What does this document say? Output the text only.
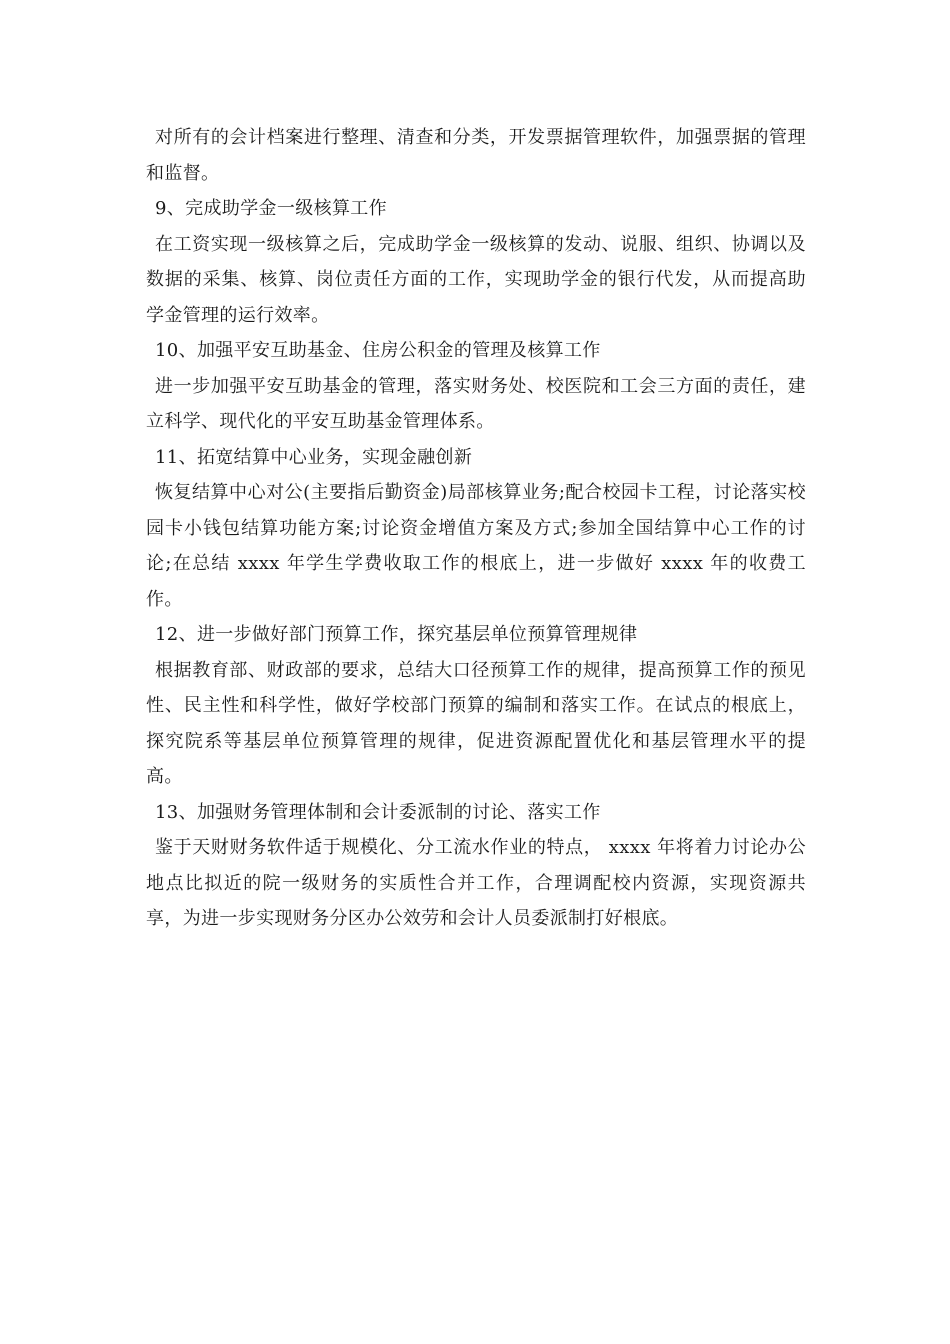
对所有的会计档案进行整理、清查和分类，开发票据管理软件，加强票据的管理和监督。

9、完成助学金一级核算工作

在工资实现一级核算之后，完成助学金一级核算的发动、说服、组织、协调以及数据的采集、核算、岗位责任方面的工作，实现助学金的银行代发，从而提高助学金管理的运行效率。

10、加强平安互助基金、住房公积金的管理及核算工作

进一步加强平安互助基金的管理，落实财务处、校医院和工会三方面的责任，建立科学、现代化的平安互助基金管理体系。

11、拓宽结算中心业务，实现金融创新

恢复结算中心对公(主要指后勤资金)局部核算业务;配合校园卡工程，讨论落实校园卡小钱包结算功能方案;讨论资金增值方案及方式;参加全国结算中心工作的讨论;在总结 xxxx 年学生学费收取工作的根底上，进一步做好 xxxx 年的收费工作。

12、进一步做好部门预算工作，探究基层单位预算管理规律

根据教育部、财政部的要求，总结大口径预算工作的规律，提高预算工作的预见性、民主性和科学性，做好学校部门预算的编制和落实工作。在试点的根底上，探究院系等基层单位预算管理的规律，促进资源配置优化和基层管理水平的提高。

13、加强财务管理体制和会计委派制的讨论、落实工作

鉴于天财财务软件适于规模化、分工流水作业的特点， xxxx 年将着力讨论办公地点比拟近的院一级财务的实质性合并工作，合理调配校内资源，实现资源共享，为进一步实现财务分区办公效劳和会计人员委派制打好根底。
